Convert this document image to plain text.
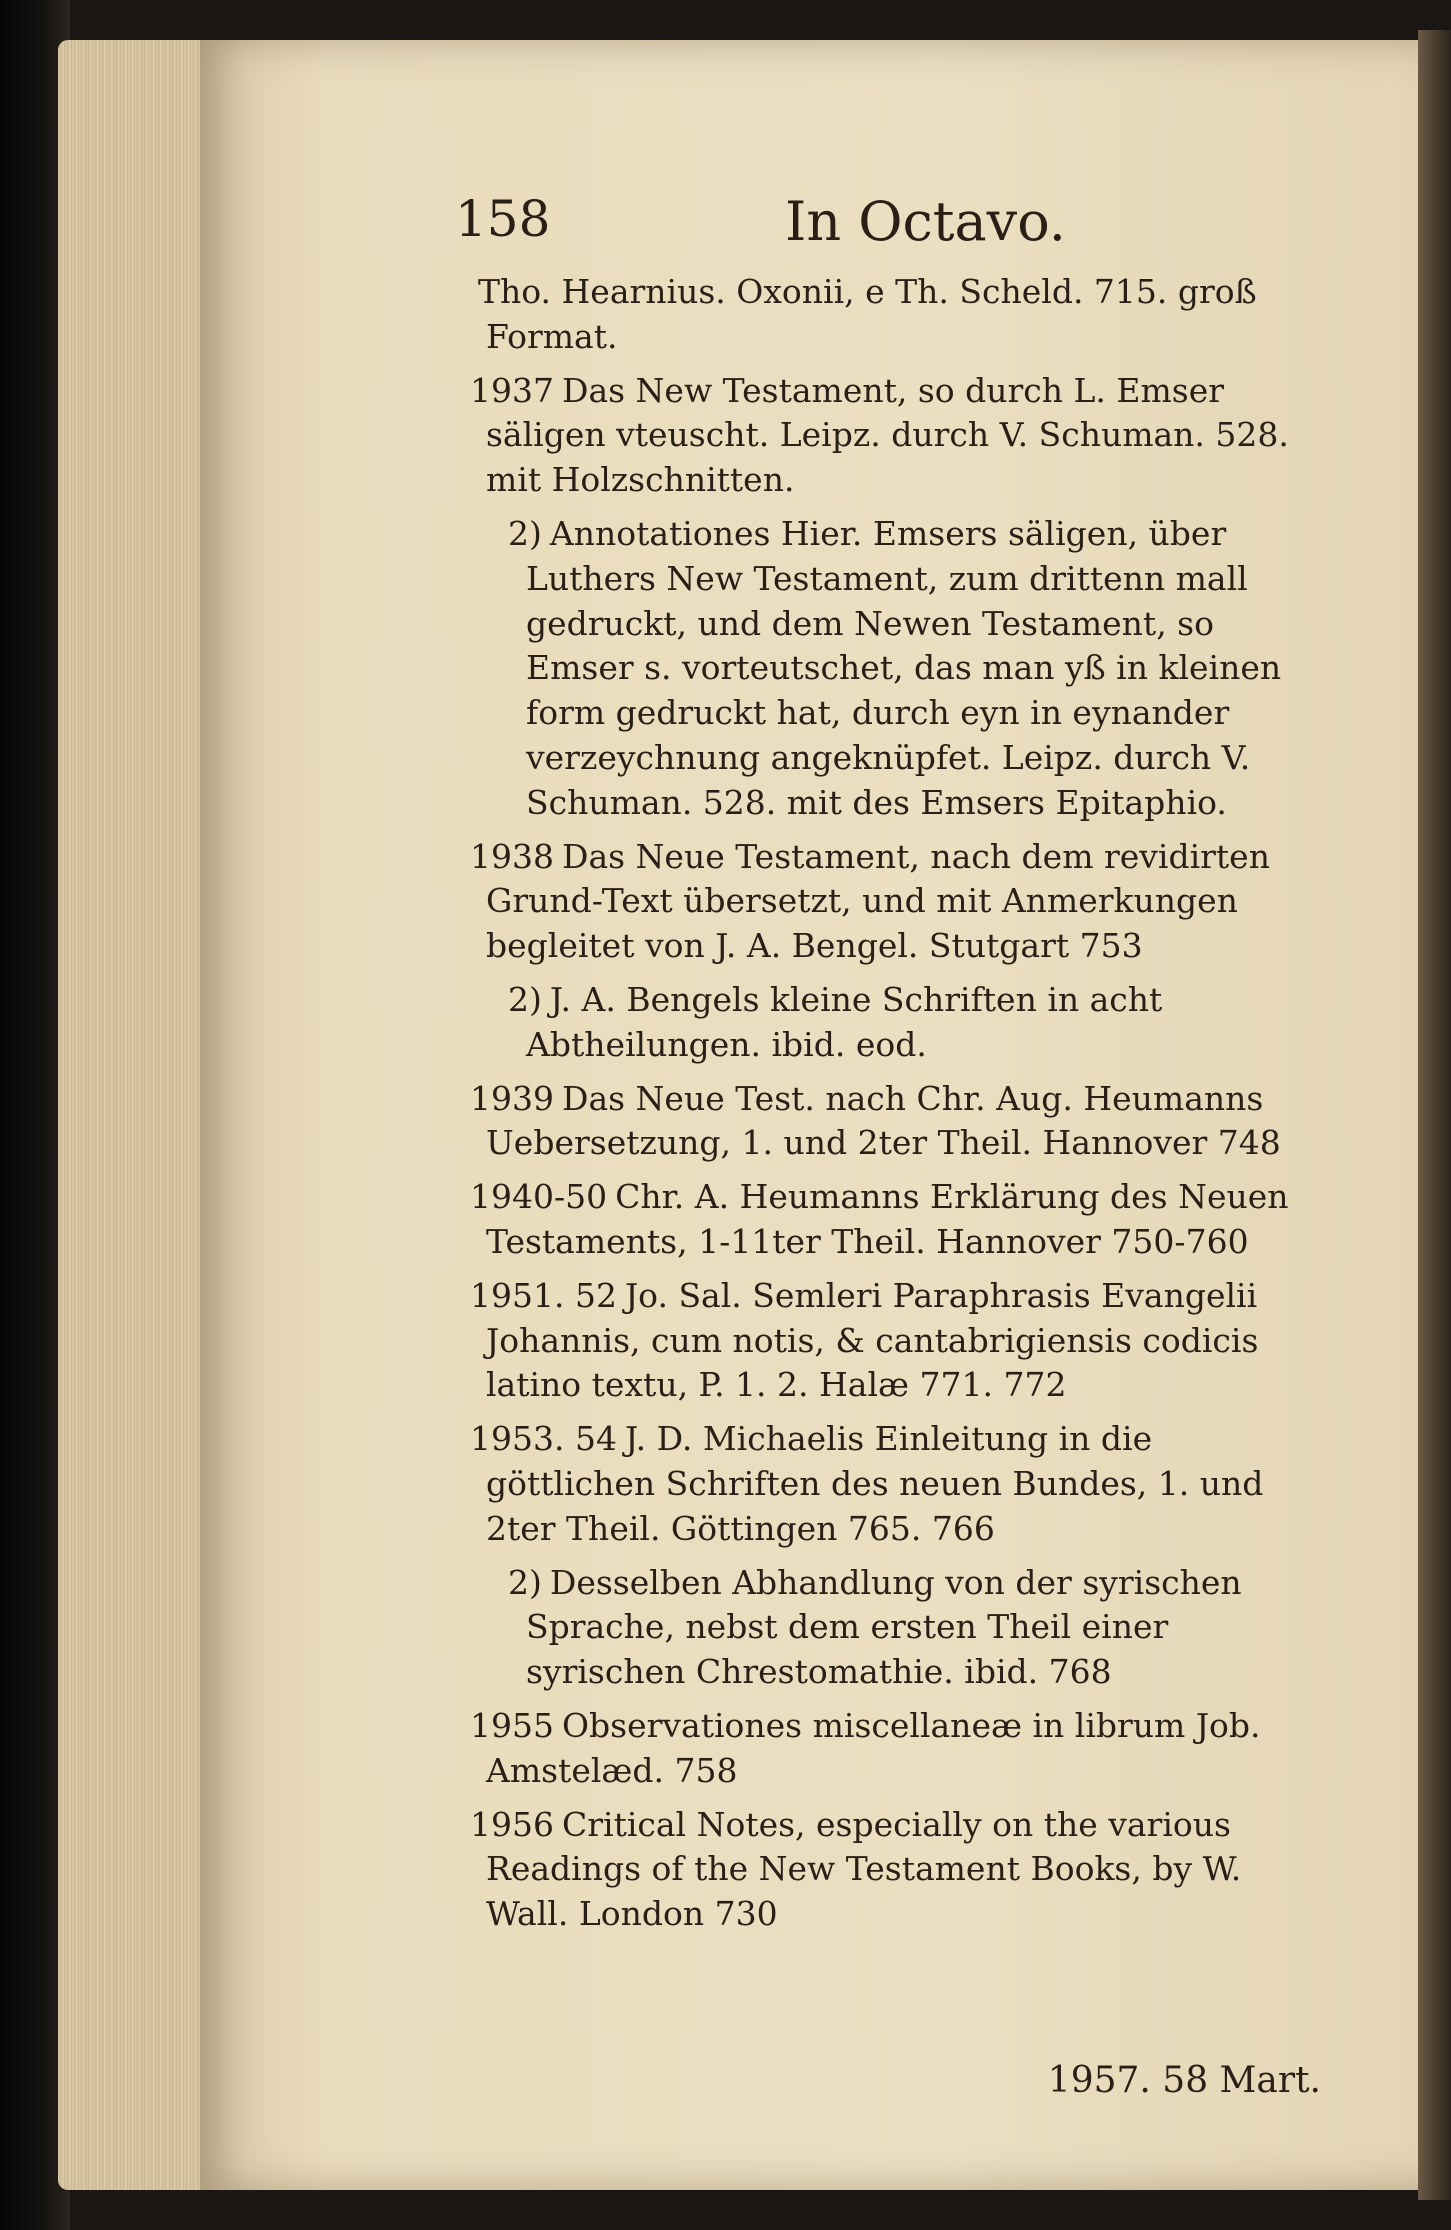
158	In Octavo.

Tho. Hearnius. Oxonii, e Th. Scheld. 715. groß Format.

1937 Das New Testament, so durch L. Emser säligen vteuscht. Leipz. durch V. Schuman. 528. mit Holzschnitten.

2) Annotationes Hier. Emsers säligen, über Luthers New Testament, zum drittenn mall gedruckt, und dem Newen Testament, so Emser s. vorteutschet, das man yß in kleinen form gedruckt hat, durch eyn in eynander verzeychnung angeknüpfet. Leipz. durch V. Schuman. 528. mit des Emsers Epitaphio.

1938 Das Neue Testament, nach dem revidirten Grund-Text übersetzt, und mit Anmerkungen begleitet von J. A. Bengel. Stutgart 753

2) J. A. Bengels kleine Schriften in acht Abtheilungen. ibid. eod.

1939 Das Neue Test. nach Chr. Aug. Heumanns Uebersetzung, 1. und 2ter Theil. Hannover 748

1940-50 Chr. A. Heumanns Erklärung des Neuen Testaments, 1-11ter Theil. Hannover 750-760

1951. 52 Jo. Sal. Semleri Paraphrasis Evangelii Johannis, cum notis, & cantabrigiensis codicis latino textu, P. 1. 2. Halæ 771. 772

1953. 54 J. D. Michaelis Einleitung in die göttlichen Schriften des neuen Bundes, 1. und 2ter Theil. Göttingen 765. 766

2) Desselben Abhandlung von der syrischen Sprache, nebst dem ersten Theil einer syrischen Chrestomathie. ibid. 768

1955 Observationes miscellaneæ in librum Job. Amstelæd. 758

1956 Critical Notes, especially on the various Readings of the New Testament Books, by W. Wall. London 730

1957. 58 Mart.
